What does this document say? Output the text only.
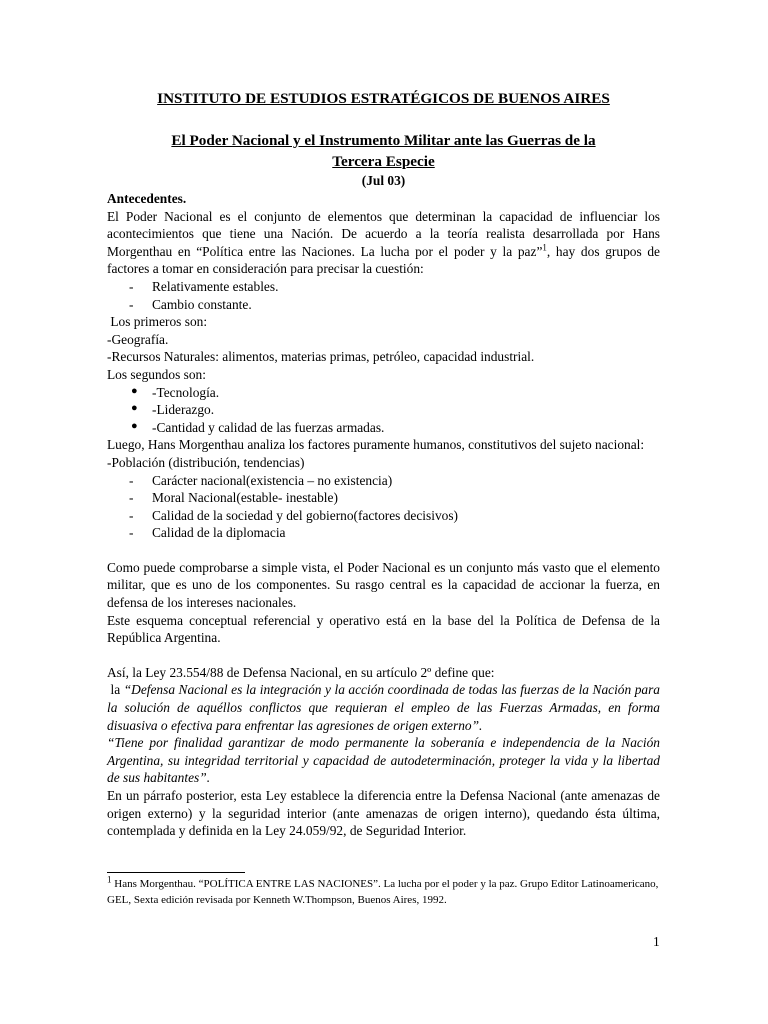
INSTITUTO DE ESTUDIOS ESTRATÉGICOS DE BUENOS AIRES

El Poder Nacional y el Instrumento Militar ante las Guerras de la

Tercera Especie

(Jul 03)

Antecedentes.

El Poder Nacional es el conjunto de elementos que determinan la capacidad de influenciar los acontecimientos que tiene una Nación. De acuerdo a la teoría realista desarrollada por Hans Morgenthau en “Política entre las Naciones. La lucha por el poder y la paz”$^1$, hay dos grupos de factores a tomar en consideración para precisar la cuestión:

- Relativamente estables.
- Cambio constante.

Los primeros son:

-Geografía.

-Recursos Naturales: alimentos, materias primas, petróleo, capacidad industrial.

Los segundos son:

● -Tecnología.
● -Liderazgo.
● -Cantidad y calidad de las fuerzas armadas.

Luego, Hans Morgenthau analiza los factores puramente humanos, constitutivos del sujeto nacional:

-Población (distribución, tendencias)

- Carácter nacional(existencia – no existencia)
- Moral Nacional(estable- inestable)
- Calidad de la sociedad y del gobierno(factores decisivos)
- Calidad de la diplomacia

Como puede comprobarse a simple vista, el Poder Nacional es un conjunto más vasto que el elemento militar, que es uno de los componentes. Su rasgo central es la capacidad de accionar la fuerza, en defensa de los intereses nacionales.

Este esquema conceptual referencial y operativo está en la base del la Política de Defensa de la República Argentina.

Así, la Ley 23.554/88 de Defensa Nacional, en su artículo 2º define que:

la “Defensa Nacional es la integración y la acción coordinada de todas las fuerzas de la Nación para la solución de aquéllos conflictos que requieran el empleo de las Fuerzas Armadas, en forma disuasiva o efectiva para enfrentar las agresiones de origen externo”.

“Tiene por finalidad garantizar de modo permanente la soberanía e independencia de la Nación Argentina, su integridad territorial y capacidad de autodeterminación, proteger la vida y la libertad de sus habitantes”.

En un párrafo posterior, esta Ley establece la diferencia entre la Defensa Nacional (ante amenazas de origen externo) y la seguridad interior (ante amenazas de origen interno), quedando ésta última, contemplada y definida en la Ley 24.059/92, de Seguridad Interior.

$^1$ Hans Morgenthau. “POLÍTICA ENTRE LAS NACIONES”. La lucha por el poder y la paz. Grupo Editor Latinoamericano, GEL, Sexta edición revisada por Kenneth W.Thompson, Buenos Aires, 1992.
1
